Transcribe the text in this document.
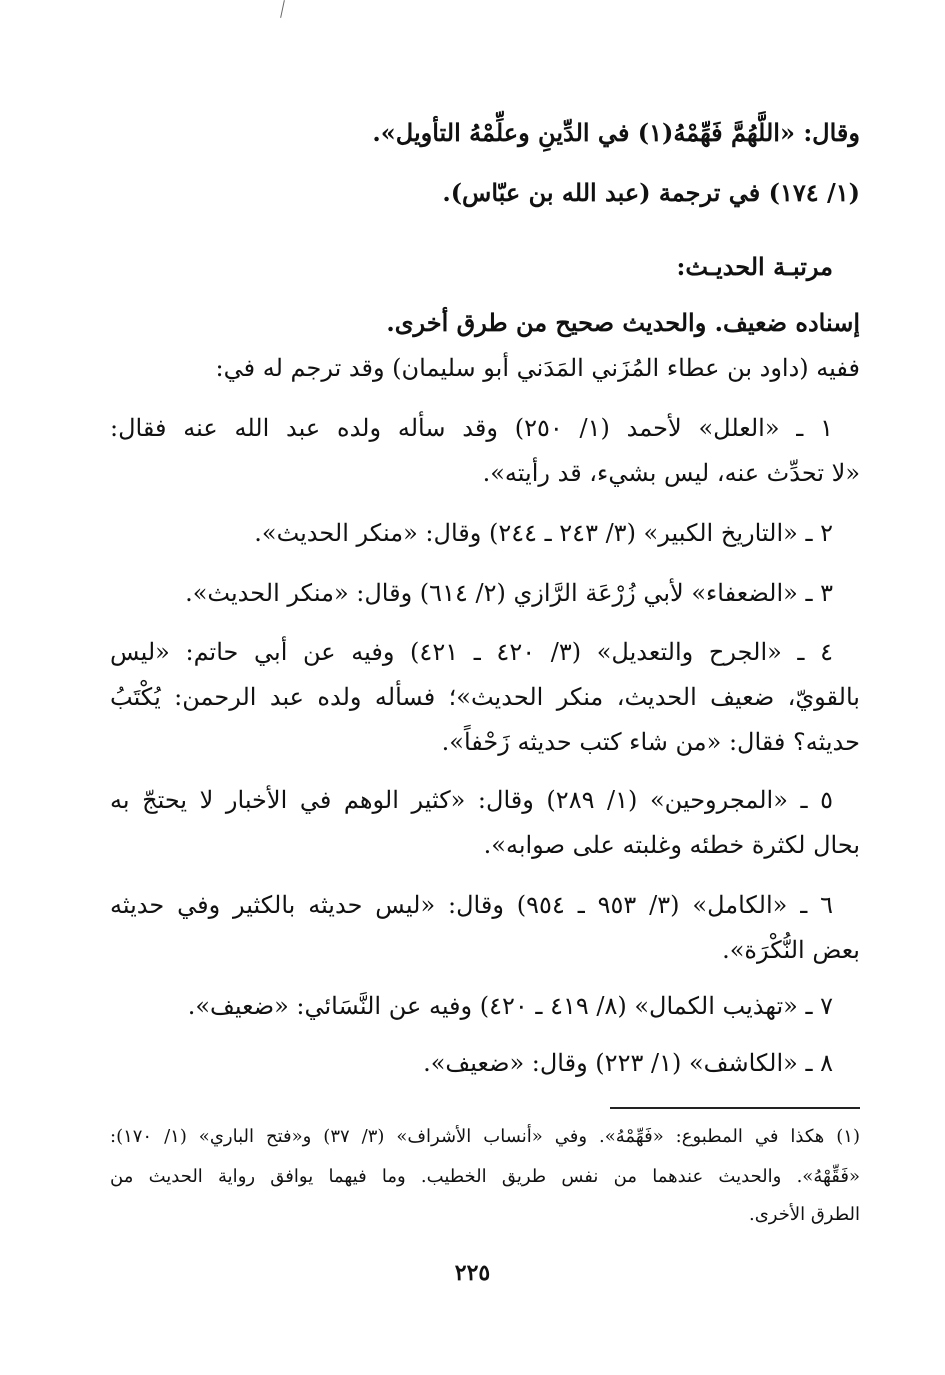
وقال: «اللَّهُمَّ فَهِّمْهُ(١) في الدِّينِ وعلِّمْهُ التأويل».
(١/ ١٧٤) في ترجمة (عبد الله بن عبّاس).
مرتبـة الحديـث:
إسناده ضعيف. والحديث صحيح من طرق أخرى.
ففيه (داود بن عطاء المُزَني المَدَني أبو سليمان) وقد ترجم له في:
١ ـ «العلل» لأحمد (١/ ٢٥٠) وقد سأله ولده عبد الله عنه فقال:
«لا تحدِّث عنه، ليس بشيء، قد رأيته».
٢ ـ «التاريخ الكبير» (٣/ ٢٤٣ ـ ٢٤٤) وقال: «منكر الحديث».
٣ ـ «الضعفاء» لأبي زُرْعَة الرَّازي (٢/ ٦١٤) وقال: «منكر الحديث».
٤ ـ «الجرح والتعديل» (٣/ ٤٢٠ ـ ٤٢١) وفيه عن أبي حاتم: «ليس
بالقويّ، ضعيف الحديث، منكر الحديث»؛ فسأله ولده عبد الرحمن: يُكْتَبُ
حديثه؟ فقال: «من شاء كتب حديثه زَحْفاً».
٥ ـ «المجروحين» (١/ ٢٨٩) وقال: «كثير الوهم في الأخبار لا يحتجّ به
بحال لكثرة خطئه وغلبته على صوابه».
٦ ـ «الكامل» (٣/ ٩٥٣ ـ ٩٥٤) وقال: «ليس حديثه بالكثير وفي حديثه
بعض النُّكْرَة».
٧ ـ «تهذيب الكمال» (٨/ ٤١٩ ـ ٤٢٠) وفيه عن النَّسَائي: «ضعيف».
٨ ـ «الكاشف» (١/ ٢٢٣) وقال: «ضعيف».
(١) هكذا في المطبوع: «فَهِّمْهُ». وفي «أنساب الأشراف» (٣/ ٣٧) و«فتح الباري» (١/ ١٧٠):
«فَقِّهْهُ». والحديث عندهما من نفس طريق الخطيب. وما فيهما يوافق رواية الحديث من
الطرق الأخرى.
٢٢٥
